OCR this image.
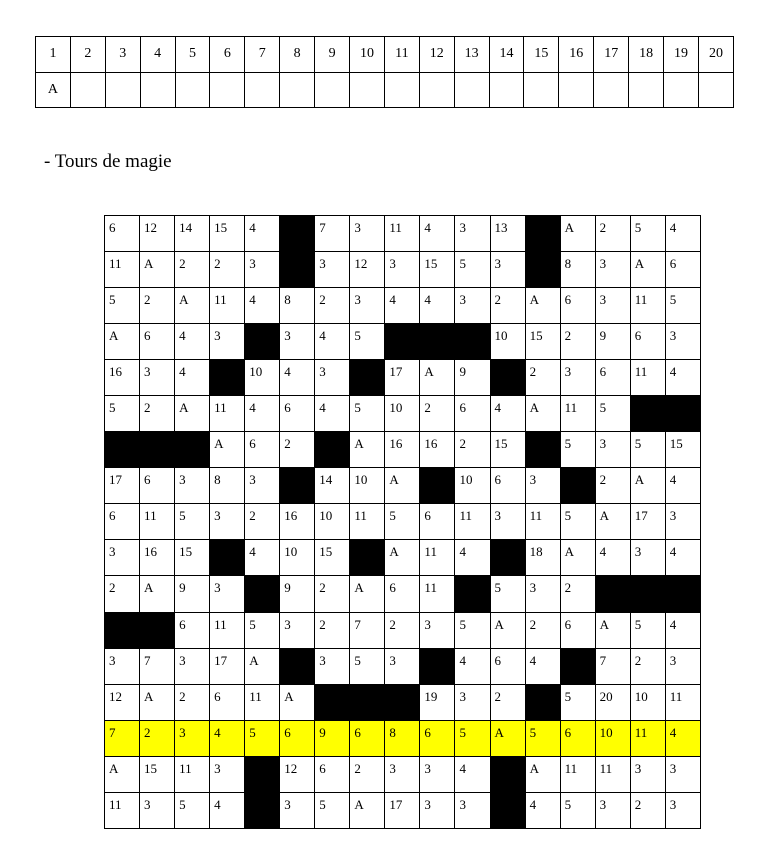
1	2	3	4	5	6	7	8	9	10	11	12	13	14	15	16	17	18	19	20
A																			
- Tours de magie
6	12	14	15	4		7	3	11	4	3	13		A	2	5	4

11	A	2	2	3		3	12	3	15	5	3		8	3	A	6

5	2	A	11	4	8	2	3	4	4	3	2	A	6	3	11	5

A	6	4	3		3	4	5				10	15	2	9	6	3

16	3	4		10	4	3		17	A	9		2	3	6	11	4

5	2	A	11	4	6	4	5	10	2	6	4	A	11	5		

			A	6	2		A	16	16	2	15		5	3	5	15

17	6	3	8	3		14	10	A		10	6	3		2	A	4

6	11	5	3	2	16	10	11	5	6	11	3	11	5	A	17	3

3	16	15		4	10	15		A	11	4		18	A	4	3	4

2	A	9	3		9	2	A	6	11		5	3	2			

		6	11	5	3	2	7	2	3	5	A	2	6	A	5	4

3	7	3	17	A		3	5	3		4	6	4		7	2	3

12	A	2	6	11	A				19	3	2		5	20	10	11

7	2	3	4	5	6	9	6	8	6	5	A	5	6	10	11	4

A	15	11	3		12	6	2	3	3	4		A	11	11	3	3

11	3	5	4		3	5	A	17	3	3		4	5	3	2	3
